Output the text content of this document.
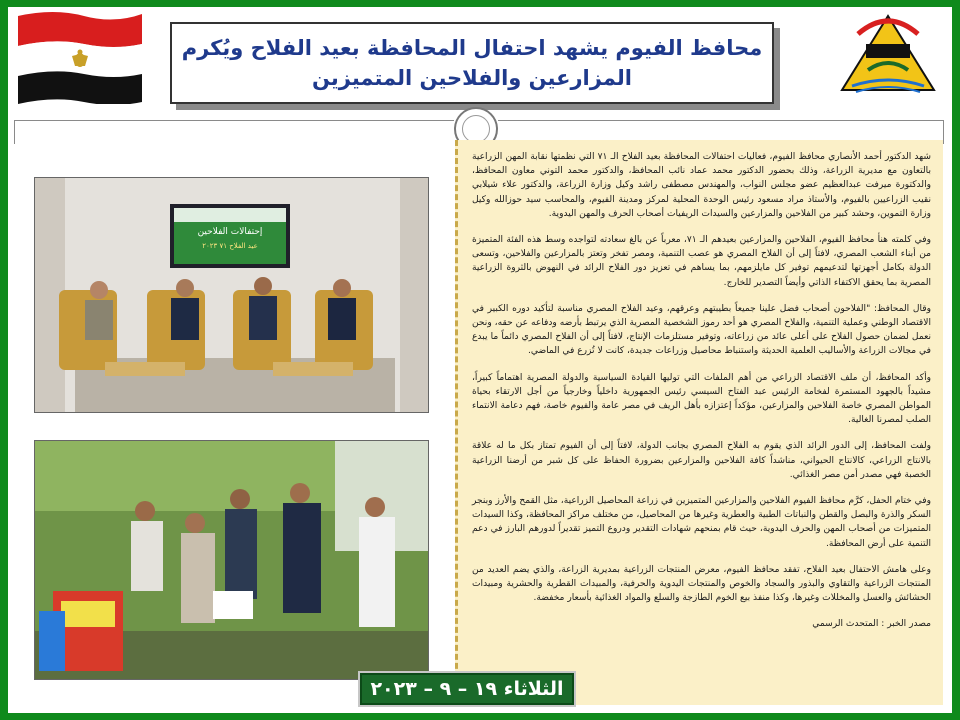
محافظ الفيوم يشهد احتفال المحافظة بعيد الفلاح ويُكرم المزارعين والفلاحين المتميزين
إحتفالات الفلاحين
عيد الفلاح ٧١ ٢٠٢٣

شهد الدكتور أحمد الأنصاري محافظ الفيوم، فعاليات احتفالات المحافظة بعيد الفلاح الـ ٧١ التي نظمتها نقابة المهن الزراعية بالتعاون مع مديرية الزراعة، وذلك بحضور الدكتور محمد عماد نائب المحافظ، والدكتور محمد التوني معاون المحافظ، والدكتورة ميرفت عبدالعظيم عضو مجلس النواب، والمهندس مصطفى راشد وكيل وزارة الزراعة، والدكتور علاء شيلابي نقيب الزراعيين بالفيوم، والأستاذ مراد مسعود رئيس الوحدة المحلية لمركز ومدينة الفيوم، والمحاسب سيد حوزالله وكيل وزارة التموين، وحشد كبير من الفلاحين والمزارعين والسيدات الريفيات أصحاب الحرف والمهن اليدوية.

وفي كلمته هنأ محافظ الفيوم، الفلاحين والمزارعين بعيدهم الـ ٧١، معرباً عن بالغ سعادته لتواجده وسط هذه الفئة المتميزة من أبناء الشعب المصري، لافتاً إلى أن الفلاح المصري هو عصب التنمية، ومصر تفخر وتعتز بالمزارعين والفلاحين، وتسعى الدولة بكامل أجهزتها لتدعيمهم توفير كل مايلزمهم، بما يساهم في تعزيز دور الفلاح الرائد في النهوض بالثروة الزراعية المصرية بما يحقق الاكتفاء الذاتي وأيضاً التصدير للخارج.

وقال المحافظ: "الفلاحون أصحاب فضل علينا جميعاً بطيبتهم وعرقهم، وعيد الفلاح المصري مناسبة لتأكيد دوره الكبير في الاقتصاد الوطني وعملية التنمية، والفلاح المصري هو أحد رموز الشخصية المصرية الذي يرتبط بأرضه ودفاعه عن حقه، ونحن نعمل لضمان حصول الفلاح على أعلى عائد من زراعاته، وتوفير مستلزمات الإنتاج، لافتاً إلى أن الفلاح المصري دائماً ما يبدع في مجالات الزراعة والأساليب العلمية الحديثة واستنباط محاصيل وزراعات جديدة، كانت لا تُزرع في الماضي.

وأكد المحافظ، أن ملف الاقتصاد الزراعي من أهم الملفات التي توليها القيادة السياسية والدولة المصرية اهتماماً كبيراً، مشيداً بالجهود المستمرة لفخامة الرئيس عبد الفتاح السيسي رئيس الجمهورية داخلياً وخارجياً من أجل الارتقاء بحياة المواطن المصري خاصة الفلاحين والمزارعين، مؤكداً إعتزازه بأهل الريف في مصر عامة والفيوم خاصة، فهم دعامة الانتماء الصلب لمصرنا الغالية.

ولفت المحافظ، إلى الدور الرائد الذي يقوم به الفلاح المصري بجانب الدولة، لافتاً إلى أن الفيوم تمتاز بكل ما له علاقة بالانتاج الزراعي، كالانتاج الحيواني، مناشداً كافة الفلاحين والمزارعين بضرورة الحفاظ على كل شبر من أرضنا الزراعية الخصبة فهي مصدر أمن مصر الغذائي.

وفي ختام الحفل، كرَّم محافظ الفيوم الفلاحين والمزارعين المتميزين في زراعة المحاصيل الزراعية، مثل القمح والأرز وبنجر السكر والذرة والبصل والقطن والنباتات الطبية والعطرية وغيرها من المحاصيل، من مختلف مراكز المحافظة، وكذا السيدات المتميزات من أصحاب المهن والحرف اليدوية، حيث قام بمنحهم شهادات التقدير ودروع التميز تقديراً لدورهم البارز في دعم التنمية على أرض المحافظة.

وعلى هامش الاحتفال بعيد الفلاح، تفقد محافظ الفيوم، معرض المنتجات الزراعية بمديرية الزراعة، والذي يضم العديد من المنتجات الزراعية والتقاوي والبذور والسجاد والخوص والمنتجات اليدوية والحرفية، والمبيدات القطرية والحشرية ومبيدات الحشائش والعسل والمخللات وغيرها، وكذا منفذ بيع الخوم الطازجة والسلع والمواد الغذائية بأسعار مخفضة.

مصدر الخبر : المتحدث الرسمي
الثلاثاء ١٩ – ٩ – ٢٠٢٣
